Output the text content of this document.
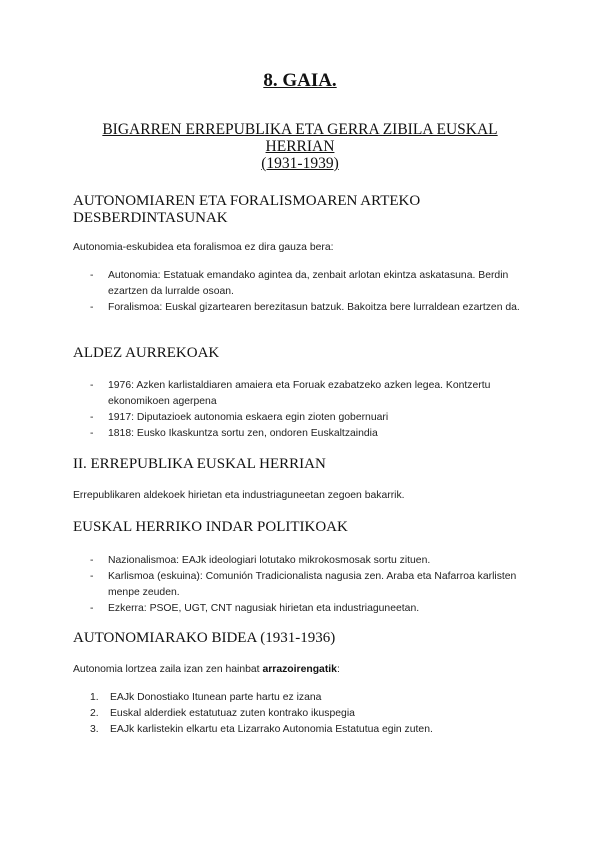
8. GAIA.
BIGARREN ERREPUBLIKA ETA GERRA ZIBILA EUSKAL
HERRIAN
(1931-1939)
AUTONOMIAREN ETA FORALISMOAREN ARTEKO
DESBERDINTASUNAK
Autonomia-eskubidea eta foralismoa ez dira gauza bera:
- Autonomia: Estatuak emandako agintea da, zenbait arlotan ekintza askatasuna. Berdin ezartzen da lurralde osoan.
- Foralismoa: Euskal gizartearen berezitasun batzuk. Bakoitza bere lurraldean ezartzen da.
ALDEZ AURREKOAK
- 1976: Azken karlistaldiaren amaiera eta Foruak ezabatzeko azken legea. Kontzertu ekonomikoen agerpena
- 1917: Diputazioek autonomia eskaera egin zioten gobernuari
- 1818: Eusko Ikaskuntza sortu zen, ondoren Euskaltzaindia
II. ERREPUBLIKA EUSKAL HERRIAN
Errepublikaren aldekoek hirietan eta industriaguneetan zegoen bakarrik.
EUSKAL HERRIKO INDAR POLITIKOAK
- Nazionalismoa: EAJk ideologiari lotutako mikrokosmosak sortu zituen.
- Karlismoa (eskuina): Comunión Tradicionalista nagusia zen. Araba eta Nafarroa karlisten menpe zeuden.
- Ezkerra: PSOE, UGT, CNT nagusiak hirietan eta industriaguneetan.
AUTONOMIARAKO BIDEA (1931-1936)
Autonomia lortzea zaila izan zen hainbat arrazoirengatik:
1. EAJk Donostiako Itunean parte hartu ez izana
2. Euskal alderdiek estatutuaz zuten kontrako ikuspegia
3. EAJk karlistekin elkartu eta Lizarrako Autonomia Estatutua egin zuten.
